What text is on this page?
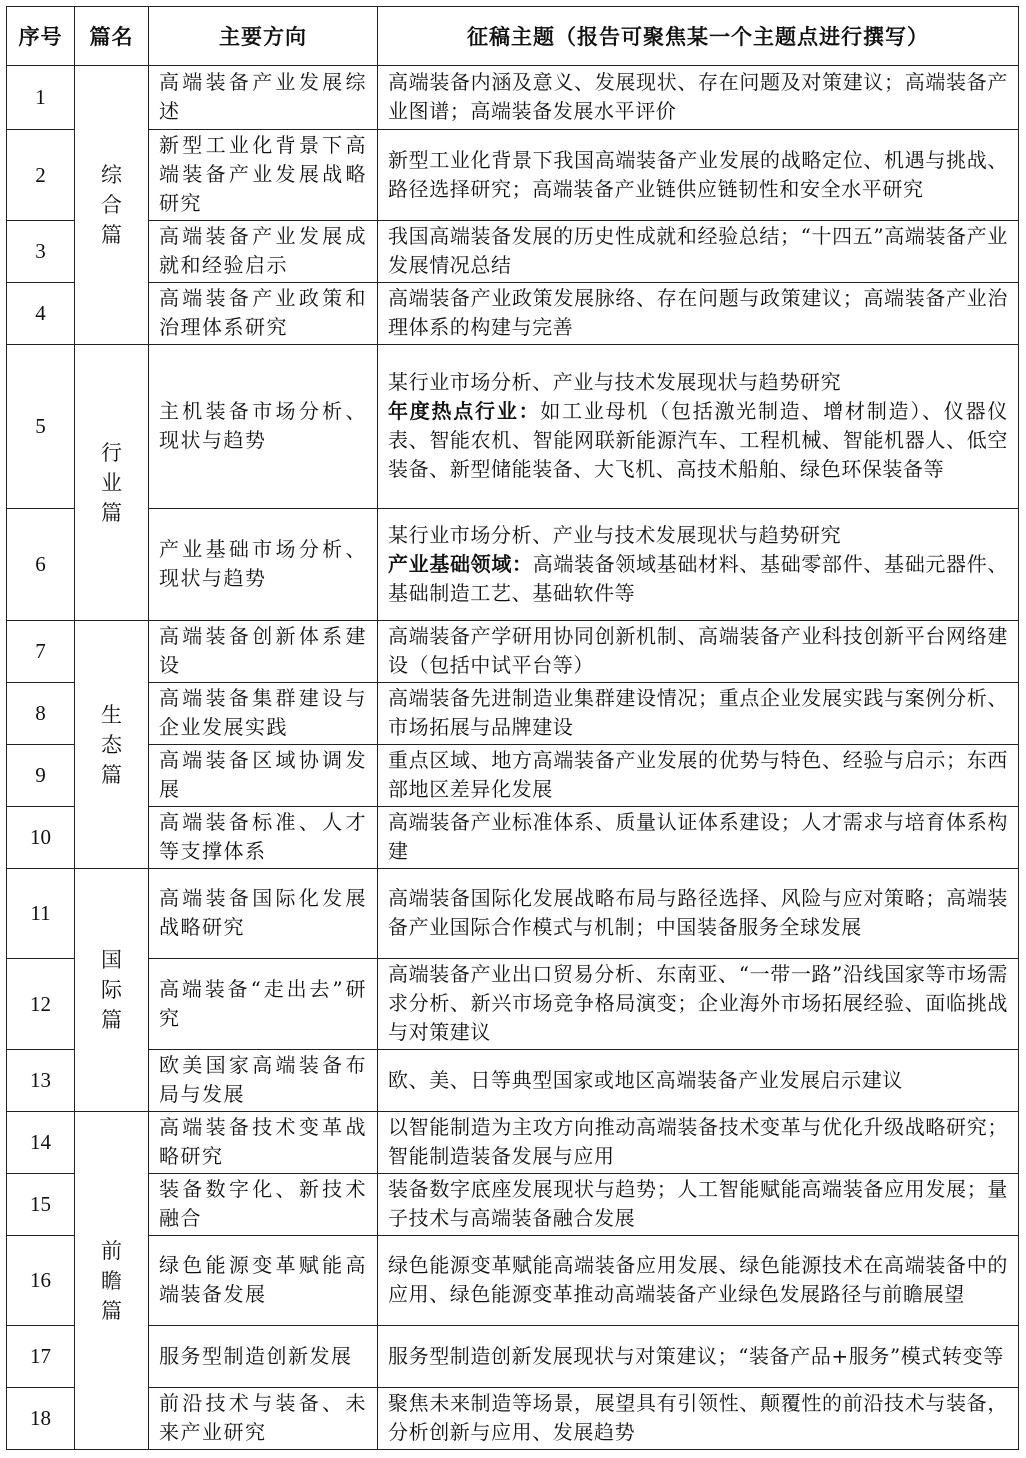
序号	篇名	主要方向	征稿主题（报告可聚焦某一个主题点进行撰写）
1	综合篇	高端装备产业发展综述	高端装备内涵及意义、发展现状、存在问题及对策建议；高端装备产业图谱；高端装备发展水平评价
2		新型工业化背景下高端装备产业发展战略研究	新型工业化背景下我国高端装备产业发展的战略定位、机遇与挑战、路径选择研究；高端装备产业链供应链韧性和安全水平研究
3		高端装备产业发展成就和经验启示	我国高端装备发展的历史性成就和经验总结；“十四五”高端装备产业发展情况总结
4		高端装备产业政策和治理体系研究	高端装备产业政策发展脉络、存在问题与政策建议；高端装备产业治理体系的构建与完善
5	行业篇	主机装备市场分析、现状与趋势	某行业市场分析、产业与技术发展现状与趋势研究
年度热点行业：如工业母机（包括激光制造、增材制造）、仪器仪表、智能农机、智能网联新能源汽车、工程机械、智能机器人、低空装备、新型储能装备、大飞机、高技术船舶、绿色环保装备等
6		产业基础市场分析、现状与趋势	某行业市场分析、产业与技术发展现状与趋势研究
产业基础领域：高端装备领域基础材料、基础零部件、基础元器件、基础制造工艺、基础软件等
7	生态篇	高端装备创新体系建设	高端装备产学研用协同创新机制、高端装备产业科技创新平台网络建设（包括中试平台等）
8		高端装备集群建设与企业发展实践	高端装备先进制造业集群建设情况；重点企业发展实践与案例分析、市场拓展与品牌建设
9		高端装备区域协调发展	重点区域、地方高端装备产业发展的优势与特色、经验与启示；东西部地区差异化发展
10		高端装备标准、人才等支撑体系	高端装备产业标准体系、质量认证体系建设；人才需求与培育体系构建
11	国际篇	高端装备国际化发展战略研究	高端装备国际化发展战略布局与路径选择、风险与应对策略；高端装备产业国际合作模式与机制；中国装备服务全球发展
12		高端装备“走出去”研究	高端装备产业出口贸易分析、东南亚、“一带一路”沿线国家等市场需求分析、新兴市场竞争格局演变；企业海外市场拓展经验、面临挑战与对策建议
13		欧美国家高端装备布局与发展	欧、美、日等典型国家或地区高端装备产业发展启示建议
14	前瞻篇	高端装备技术变革战略研究	以智能制造为主攻方向推动高端装备技术变革与优化升级战略研究；智能制造装备发展与应用
15		装备数字化、新技术融合	装备数字底座发展现状与趋势；人工智能赋能高端装备应用发展；量子技术与高端装备融合发展
16		绿色能源变革赋能高端装备发展	绿色能源变革赋能高端装备应用发展、绿色能源技术在高端装备中的应用、绿色能源变革推动高端装备产业绿色发展路径与前瞻展望
17		服务型制造创新发展	服务型制造创新发展现状与对策建议；“装备产品+服务”模式转变等
18		前沿技术与装备、未来产业研究	聚焦未来制造等场景，展望具有引领性、颠覆性的前沿技术与装备，分析创新与应用、发展趋势
